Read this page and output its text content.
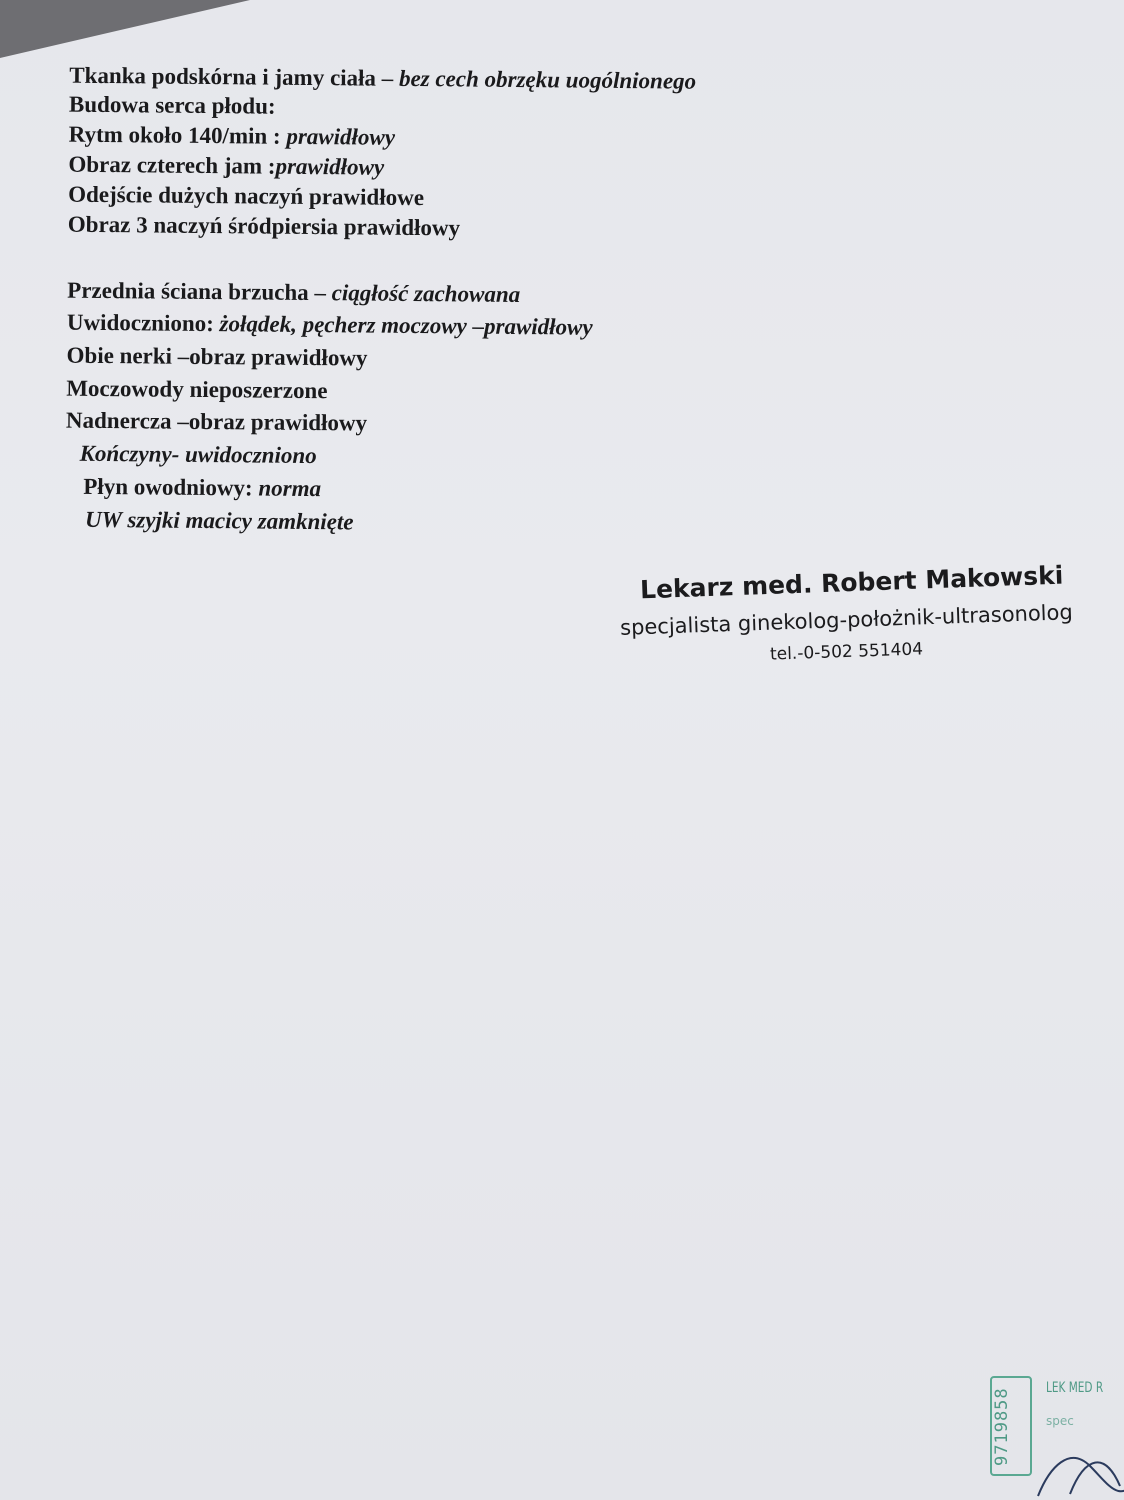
Tkanka podskórna i jamy ciała – bez cech obrzęku uogólnionego
Budowa serca płodu:
Rytm około 140/min : prawidłowy
Obraz czterech jam :prawidłowy
Odejście dużych naczyń prawidłowe
Obraz 3 naczyń śródpiersia prawidłowy
Przednia ściana brzucha – ciągłość zachowana
Uwidoczniono: żołądek, pęcherz moczowy –prawidłowy
Obie nerki –obraz prawidłowy
Moczowody nieposzerzone
Nadnercza –obraz prawidłowy
Kończyny- uwidoczniono
Płyn owodniowy: norma
UW szyjki macicy zamknięte
Lekarz med. Robert Makowski
specjalista ginekolog-położnik-ultrasonolog
tel.-0-502 551404
9719858 LEK MED R
spec
